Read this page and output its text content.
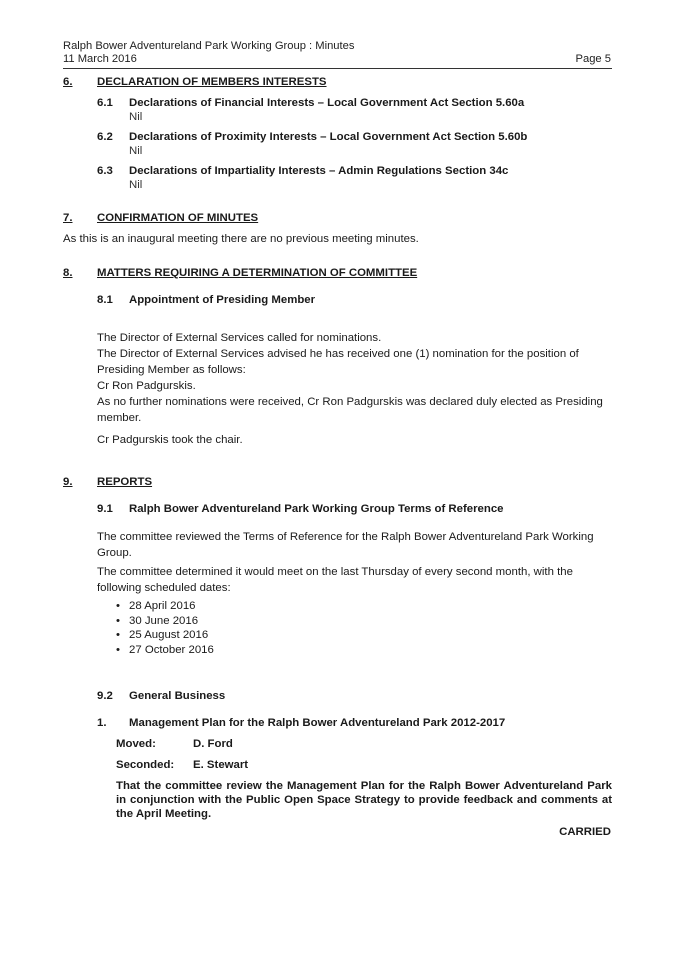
Ralph Bower Adventureland Park Working Group : Minutes
11 March 2016	Page 5
6. DECLARATION OF MEMBERS INTERESTS
6.1 Declarations of Financial Interests – Local Government Act Section 5.60a
Nil
6.2 Declarations of Proximity Interests – Local Government Act Section 5.60b
Nil
6.3 Declarations of Impartiality Interests – Admin Regulations Section 34c
Nil
7. CONFIRMATION OF MINUTES
As this is an inaugural meeting there are no previous meeting minutes.
8. MATTERS REQUIRING A DETERMINATION OF COMMITTEE
8.1 Appointment of Presiding Member
The Director of External Services called for nominations.
The Director of External Services advised he has received one (1) nomination for the position of Presiding Member as follows:
Cr Ron Padgurskis.
As no further nominations were received, Cr Ron Padgurskis was declared duly elected as Presiding member.
Cr Padgurskis took the chair.
9. REPORTS
9.1 Ralph Bower Adventureland Park Working Group Terms of Reference
The committee reviewed the Terms of Reference for the Ralph Bower Adventureland Park Working Group.
The committee determined it would meet on the last Thursday of every second month, with the following scheduled dates:
• 28 April 2016
• 30 June 2016
• 25 August 2016
• 27 October 2016
9.2 General Business
1. Management Plan for the Ralph Bower Adventureland Park 2012-2017
Moved:	D. Ford
Seconded: E. Stewart
That the committee review the Management Plan for the Ralph Bower Adventureland Park in conjunction with the Public Open Space Strategy to provide feedback and comments at the April Meeting.
CARRIED
